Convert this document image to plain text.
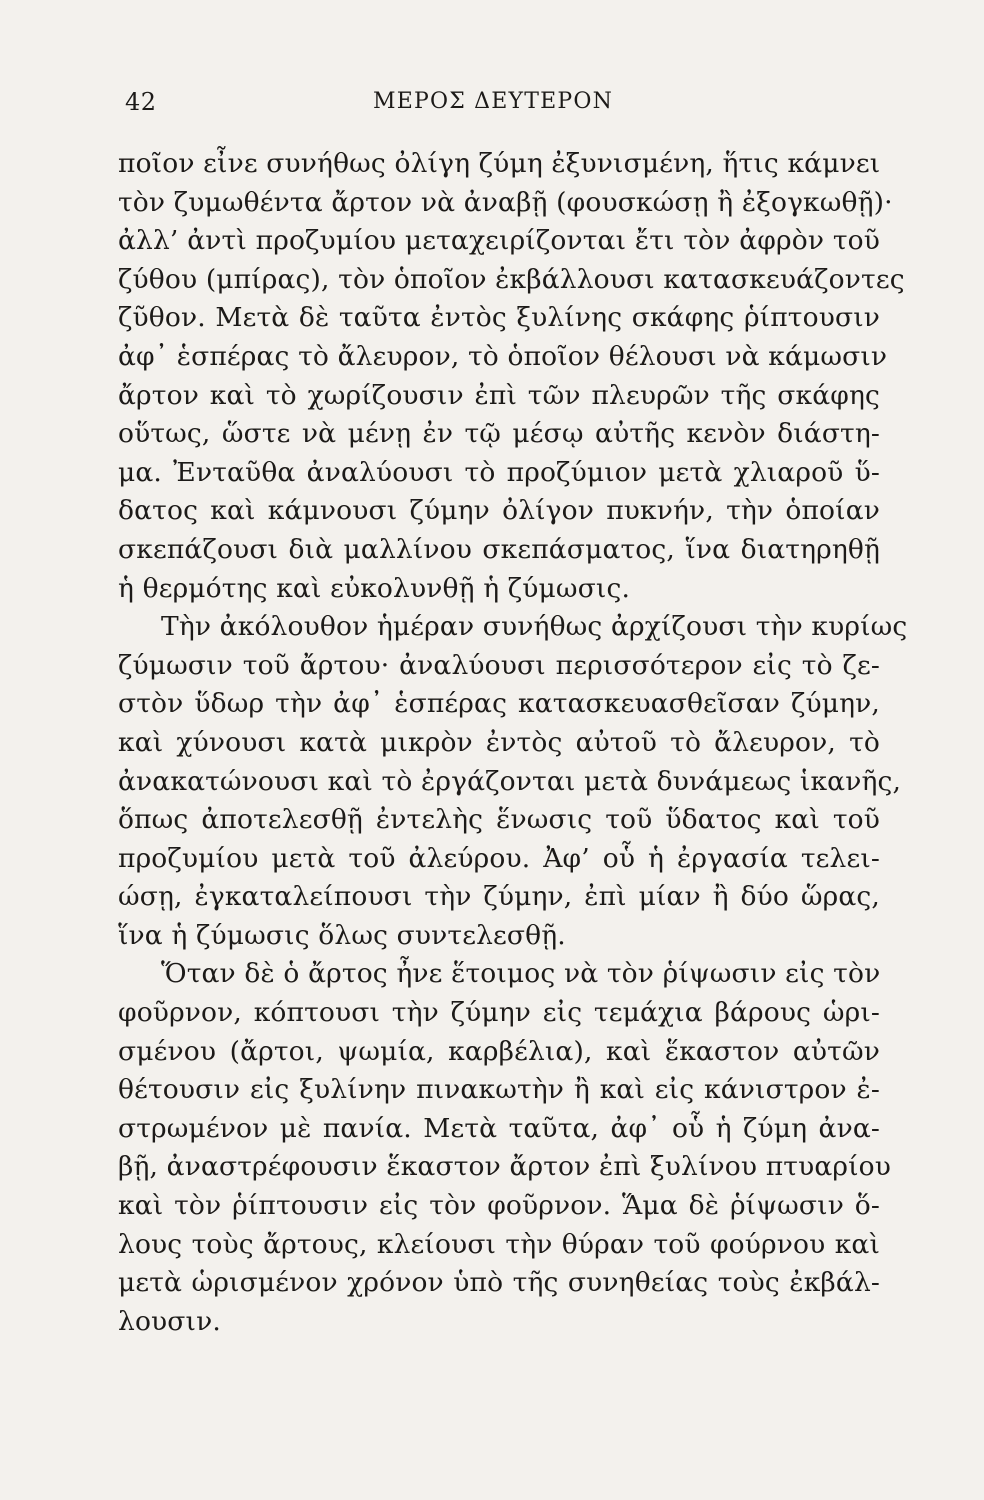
42	ΜΕΡΟΣ ΔΕΥΤΕΡΟΝ
ποῖον εἶνε συνήθως ὀλίγη ζύμη ἐξυνισμένη, ἥτις κάμνει
τὸν ζυμωθέντα ἄρτον νὰ ἀναβῇ (φουσκώσῃ ἢ ἐξογκωθῇ)·
ἀλλ’ ἀντὶ προζυμίου μεταχειρίζονται ἔτι τὸν ἀφρὸν τοῦ
ζύθου (μπίρας), τὸν ὁποῖον ἐκβάλλουσι κατασκευάζοντες
ζῦθον. Μετὰ δὲ ταῦτα ἐντὸς ξυλίνης σκάφης ῥίπτουσιν
ἀφ᾽ ἑσπέρας τὸ ἄλευρον, τὸ ὁποῖον θέλουσι νὰ κάμωσιν
ἄρτον καὶ τὸ χωρίζουσιν ἐπὶ τῶν πλευρῶν τῆς σκάφης
οὕτως, ὥστε νὰ μένῃ ἐν τῷ μέσῳ αὐτῆς κενὸν διάστη-
μα. Ἐνταῦθα ἀναλύουσι τὸ προζύμιον μετὰ χλιαροῦ ὕ-
δατος καὶ κάμνουσι ζύμην ὀλίγον πυκνήν, τὴν ὁποίαν
σκεπάζουσι διὰ μαλλίνου σκεπάσματος, ἵνα διατηρηθῇ
ἡ θερμότης καὶ εὐκολυνθῇ ἡ ζύμωσις.
Τὴν ἀκόλουθον ἡμέραν συνήθως ἀρχίζουσι τὴν κυρίως
ζύμωσιν τοῦ ἄρτου· ἀναλύουσι περισσότερον εἰς τὸ ζε-
στὸν ὕδωρ τὴν ἀφ᾽ ἑσπέρας κατασκευασθεῖσαν ζύμην,
καὶ χύνουσι κατὰ μικρὸν ἐντὸς αὐτοῦ τὸ ἄλευρον, τὸ
ἀνακατώνουσι καὶ τὸ ἐργάζονται μετὰ δυνάμεως ἱκανῆς,
ὅπως ἀποτελεσθῇ ἐντελὴς ἕνωσις τοῦ ὕδατος καὶ τοῦ
προζυμίου μετὰ τοῦ ἀλεύρου. Ἀφ’ οὗ ἡ ἐργασία τελει-
ώσῃ, ἐγκαταλείπουσι τὴν ζύμην, ἐπὶ μίαν ἢ δύο ὥρας,
ἵνα ἡ ζύμωσις ὅλως συντελεσθῇ.
Ὅταν δὲ ὁ ἄρτος ἦνε ἕτοιμος νὰ τὸν ῥίψωσιν εἰς τὸν
φοῦρνον, κόπτουσι τὴν ζύμην εἰς τεμάχια βάρους ὡρι-
σμένου (ἄρτοι, ψωμία, καρβέλια), καὶ ἕκαστον αὐτῶν
θέτουσιν εἰς ξυλίνην πινακωτὴν ἢ καὶ εἰς κάνιστρον ἐ-
στρωμένον μὲ πανία. Μετὰ ταῦτα, ἀφ᾽ οὗ ἡ ζύμη ἀνα-
βῇ, ἀναστρέφουσιν ἕκαστον ἄρτον ἐπὶ ξυλίνου πτυαρίου
καὶ τὸν ῥίπτουσιν εἰς τὸν φοῦρνον. Ἅμα δὲ ῥίψωσιν ὅ-
λους τοὺς ἄρτους, κλείουσι τὴν θύραν τοῦ φούρνου καὶ
μετὰ ὡρισμένον χρόνον ὑπὸ τῆς συνηθείας τοὺς ἐκβάλ-
λουσιν.
